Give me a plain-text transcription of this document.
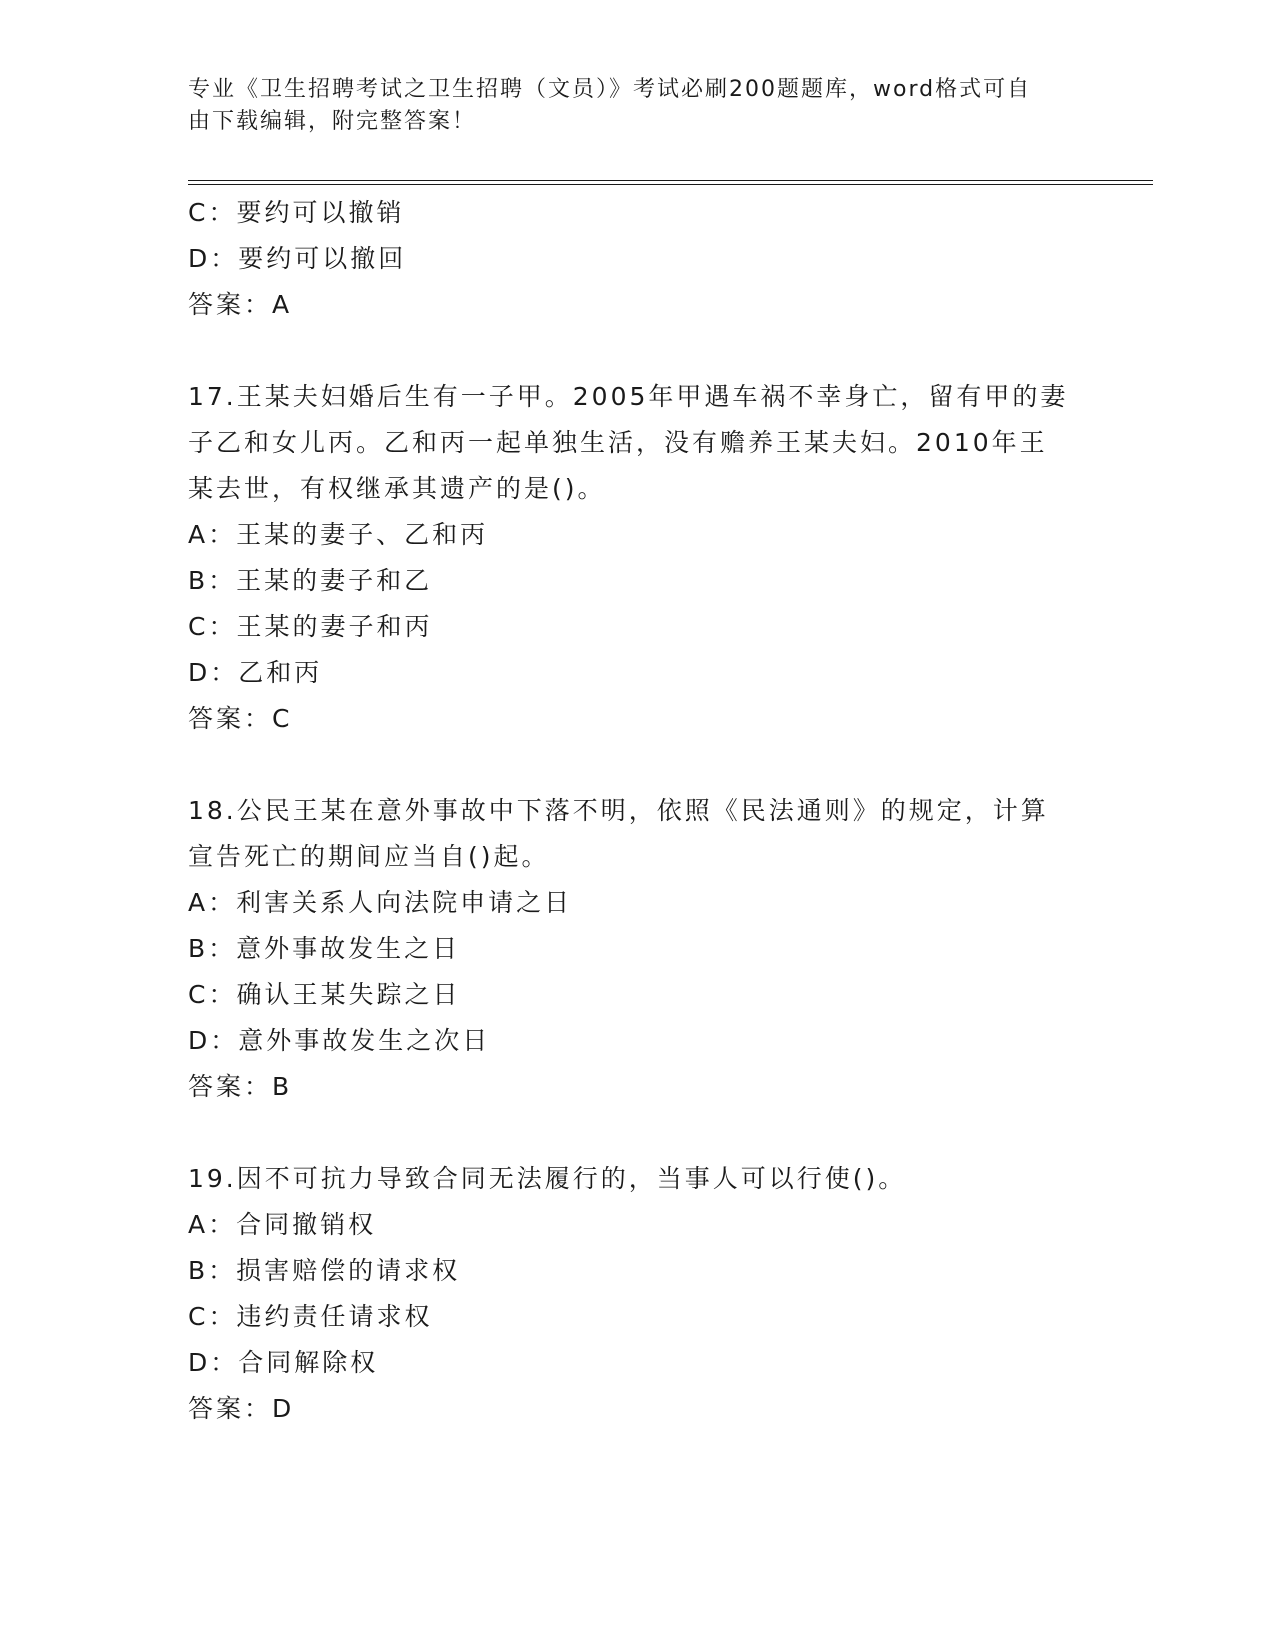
专业《卫生招聘考试之卫生招聘（文员）》考试必刷200题题库，word格式可自
由下载编辑，附完整答案！
C：要约可以撤销
D：要约可以撤回
答案：A
17.王某夫妇婚后生有一子甲。2005年甲遇车祸不幸身亡，留有甲的妻
子乙和女儿丙。乙和丙一起单独生活，没有赡养王某夫妇。2010年王
某去世，有权继承其遗产的是()。
A：王某的妻子、乙和丙
B：王某的妻子和乙
C：王某的妻子和丙
D：乙和丙
答案：C
18.公民王某在意外事故中下落不明，依照《民法通则》的规定，计算
宣告死亡的期间应当自()起。
A：利害关系人向法院申请之日
B：意外事故发生之日
C：确认王某失踪之日
D：意外事故发生之次日
答案：B
19.因不可抗力导致合同无法履行的，当事人可以行使()。
A：合同撤销权
B：损害赔偿的请求权
C：违约责任请求权
D：合同解除权
答案：D
